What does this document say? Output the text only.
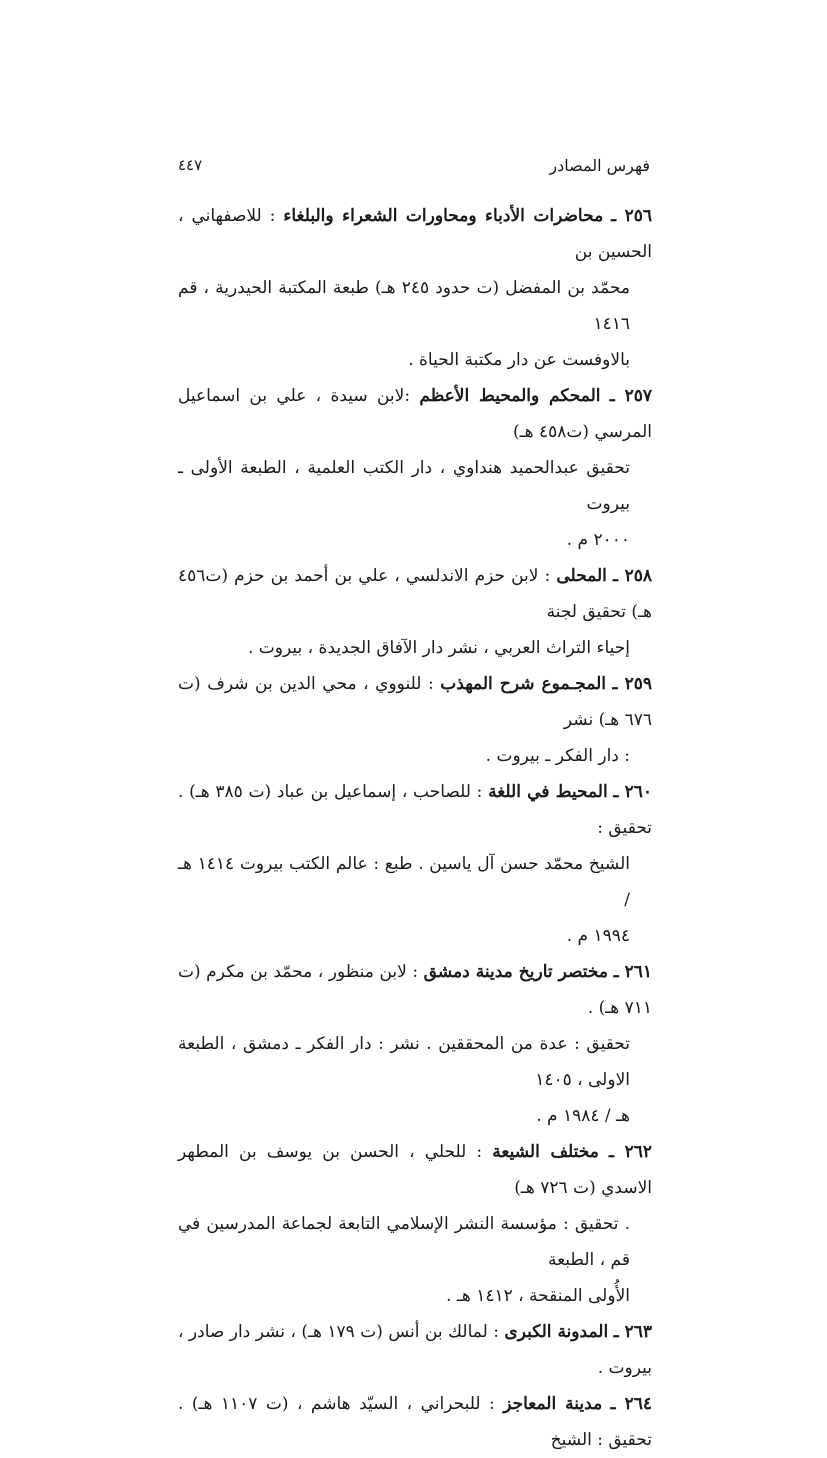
فهرس المصادر
٤٤٧

٢٥٦ ـ محاضرات الأدباء ومحاورات الشعراء والبلغاء : للاصفهاني ، الحسين بن
محمّد بن المفضل (ت حدود ٢٤٥ هـ) طبعة المكتبة الحيدرية ، قم ١٤١٦
بالاوفست عن دار مكتبة الحياة .

٢٥٧ ـ المحكم والمحيط الأعظم :لابن سيدة ، علي بن اسماعيل المرسي (ت٤٥٨ هـ)
تحقيق عبدالحميد هنداوي ، دار الكتب العلمية ، الطبعة الأولى ـ بيروت
٢٠٠٠ م .

٢٥٨ ـ المحلى : لابن حزم الاندلسي ، علي بن أحمد بن حزم (ت٤٥٦ هـ) تحقيق لجنة
إحياء التراث العربي ، نشر دار الآفاق الجديدة ، بيروت .

٢٥٩ ـ المجـموع شرح المهذب : للنووي ، محي الدين بن شرف (ت ٦٧٦ هـ) نشر
: دار الفكر ـ بيروت .

٢٦٠ ـ المحيط في اللغة : للصاحب ، إسماعيل بن عباد (ت ٣٨٥ هـ) . تحقيق :
الشيخ محمّد حسن آل ياسين . طبع : عالم الكتب بيروت ١٤١٤ هـ /
١٩٩٤ م .

٢٦١ ـ مختصر تاريخ مدينة دمشق : لابن منظور ، محمّد بن مكرم (ت ٧١١ هـ) .
تحقيق : عدة من المحققين . نشر : دار الفكر ـ دمشق ، الطبعة الاولى ، ١٤٠٥
هـ / ١٩٨٤ م .

٢٦٢ ـ مختلف الشيعة : للحلي ، الحسن بن يوسف بن المطهر الاسدي (ت ٧٢٦ هـ)
. تحقيق : مؤسسة النشر الإسلامي التابعة لجماعة المدرسين في قم ، الطبعة
الأُولى المنقحة ، ١٤١٢ هـ .

٢٦٣ ـ المدونة الكبرى : لمالك بن أنس (ت ١٧٩ هـ) ، نشر دار صادر ، بيروت .

٢٦٤ ـ مدينة المعاجز : للبحراني ، السيّد هاشم ، (ت ١١٠٧ هـ) . تحقيق : الشيخ
